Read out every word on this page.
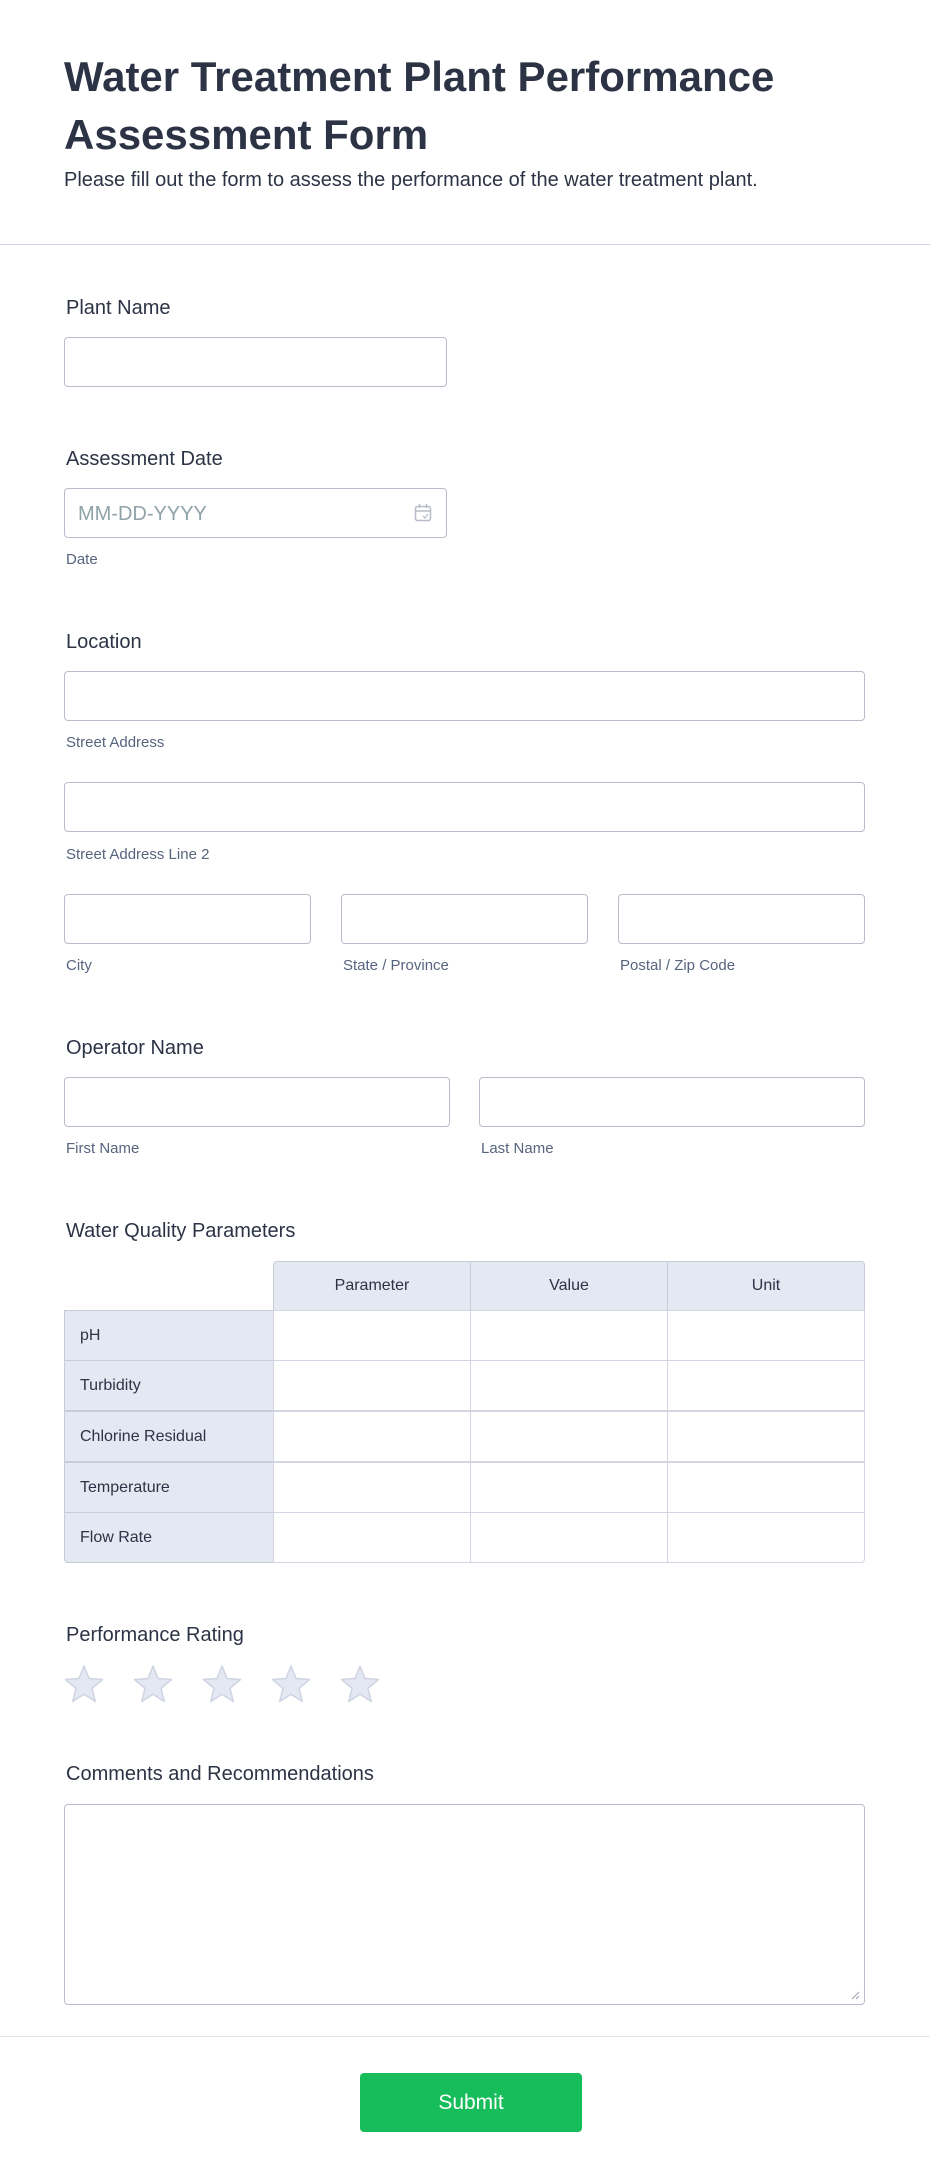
Water Treatment Plant Performance Assessment Form

Please fill out the form to assess the performance of the water treatment plant.

Plant Name
Assessment Date
MM-DD-YYYY
Date
Location
Street Address
Street Address Line 2
City	State / Province	Postal / Zip Code
Operator Name
First Name	Last Name
Water Quality Parameters
Parameter	Value	Unit
pH
Turbidity
Chlorine Residual
Temperature
Flow Rate
Performance Rating
Comments and Recommendations
Submit
